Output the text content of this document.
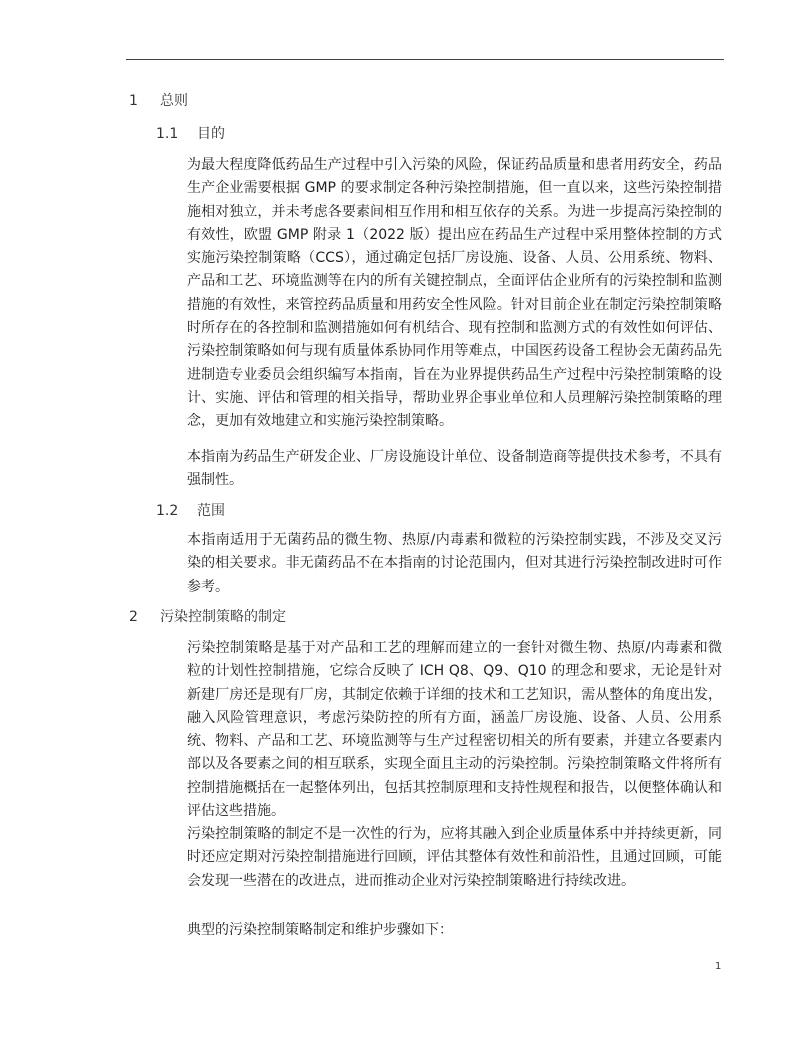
1 总则
1.1 目的

为最大程度降低药品生产过程中引入污染的风险，保证药品质量和患者用药安全，药品生产企业需要根据 GMP 的要求制定各种污染控制措施，但一直以来，这些污染控制措施相对独立，并未考虑各要素间相互作用和相互依存的关系。为进一步提高污染控制的有效性，欧盟 GMP 附录 1（2022 版）提出应在药品生产过程中采用整体控制的方式实施污染控制策略（CCS），通过确定包括厂房设施、设备、人员、公用系统、物料、产品和工艺、环境监测等在内的所有关键控制点，全面评估企业所有的污染控制和监测措施的有效性，来管控药品质量和用药安全性风险。针对目前企业在制定污染控制策略时所存在的各控制和监测措施如何有机结合、现有控制和监测方式的有效性如何评估、污染控制策略如何与现有质量体系协同作用等难点，中国医药设备工程协会无菌药品先进制造专业委员会组织编写本指南，旨在为业界提供药品生产过程中污染控制策略的设计、实施、评估和管理的相关指导，帮助业界企事业单位和人员理解污染控制策略的理念，更加有效地建立和实施污染控制策略。

本指南为药品生产研发企业、厂房设施设计单位、设备制造商等提供技术参考，不具有强制性。

1.2 范围

本指南适用于无菌药品的微生物、热原/内毒素和微粒的污染控制实践，不涉及交叉污染的相关要求。非无菌药品不在本指南的讨论范围内，但对其进行污染控制改进时可作参考。

2 污染控制策略的制定

污染控制策略是基于对产品和工艺的理解而建立的一套针对微生物、热原/内毒素和微粒的计划性控制措施，它综合反映了 ICH Q8、Q9、Q10 的理念和要求，无论是针对新建厂房还是现有厂房，其制定依赖于详细的技术和工艺知识，需从整体的角度出发，融入风险管理意识，考虑污染防控的所有方面，涵盖厂房设施、设备、人员、公用系统、物料、产品和工艺、环境监测等与生产过程密切相关的所有要素，并建立各要素内部以及各要素之间的相互联系，实现全面且主动的污染控制。污染控制策略文件将所有控制措施概括在一起整体列出，包括其控制原理和支持性规程和报告，以便整体确认和评估这些措施。

污染控制策略的制定不是一次性的行为，应将其融入到企业质量体系中并持续更新，同时还应定期对污染控制措施进行回顾，评估其整体有效性和前沿性，且通过回顾，可能会发现一些潜在的改进点，进而推动企业对污染控制策略进行持续改进。

典型的污染控制策略制定和维护步骤如下：

1
